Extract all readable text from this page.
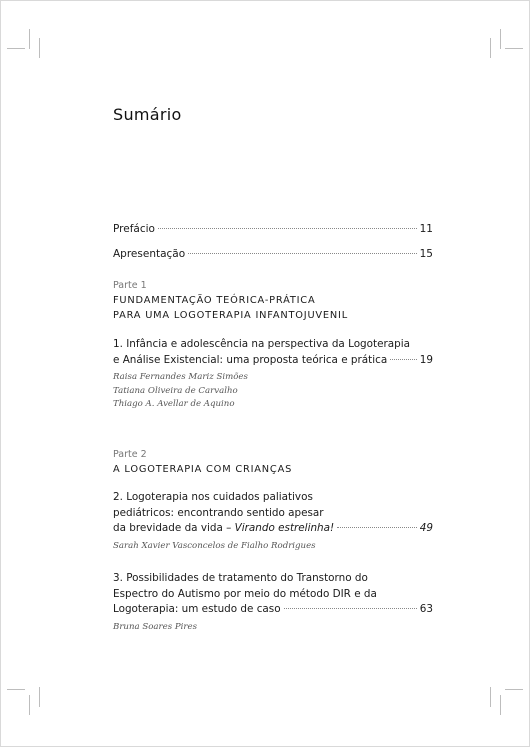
Sumário
Prefácio	11
Apresentação	15
Parte 1
FUNDAMENTAÇÃO TEÓRICA-PRÁTICA
PARA UMA LOGOTERAPIA INFANTOJUVENIL
1. Infância e adolescência na perspectiva da Logoterapia
e Análise Existencial: uma proposta teórica e prática	19
Raisa Fernandes Mariz Simões
Tatiana Oliveira de Carvalho
Thiago A. Avellar de Aquino
Parte 2
A LOGOTERAPIA COM CRIANÇAS
2. Logoterapia nos cuidados paliativos
pediátricos: encontrando sentido apesar
da brevidade da vida – Virando estrelinha!	49
Sarah Xavier Vasconcelos de Fialho Rodrigues
3. Possibilidades de tratamento do Transtorno do
Espectro do Autismo por meio do método DIR e da
Logoterapia: um estudo de caso	63
Bruna Soares Pires
